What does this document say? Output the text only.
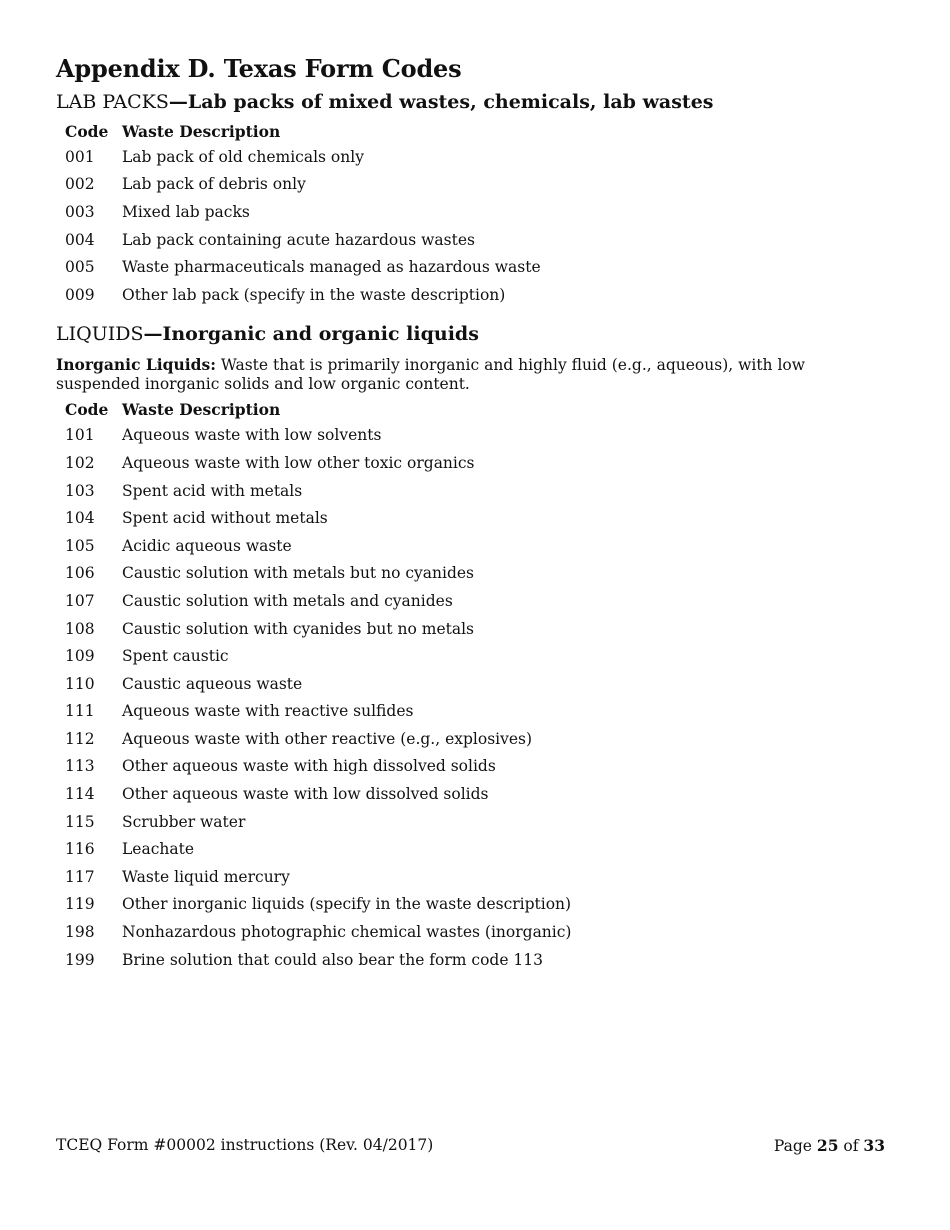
Appendix D. Texas Form Codes
LAB PACKS—Lab packs of mixed wastes, chemicals, lab wastes
Code Waste Description
001	Lab pack of old chemicals only
002	Lab pack of debris only
003	Mixed lab packs
004	Lab pack containing acute hazardous wastes
005	Waste pharmaceuticals managed as hazardous waste
009	Other lab pack (specify in the waste description)
LIQUIDS—Inorganic and organic liquids
Inorganic Liquids: Waste that is primarily inorganic and highly fluid (e.g., aqueous), with low suspended inorganic solids and low organic content.
Code Waste Description
101	Aqueous waste with low solvents
102	Aqueous waste with low other toxic organics
103	Spent acid with metals
104	Spent acid without metals
105	Acidic aqueous waste
106	Caustic solution with metals but no cyanides
107	Caustic solution with metals and cyanides
108	Caustic solution with cyanides but no metals
109	Spent caustic
110	Caustic aqueous waste
111	Aqueous waste with reactive sulfides
112	Aqueous waste with other reactive (e.g., explosives)
113	Other aqueous waste with high dissolved solids
114	Other aqueous waste with low dissolved solids
115	Scrubber water
116	Leachate
117	Waste liquid mercury
119	Other inorganic liquids (specify in the waste description)
198	Nonhazardous photographic chemical wastes (inorganic)
199	Brine solution that could also bear the form code 113
TCEQ Form #00002 instructions (Rev. 04/2017)	Page 25 of 33
